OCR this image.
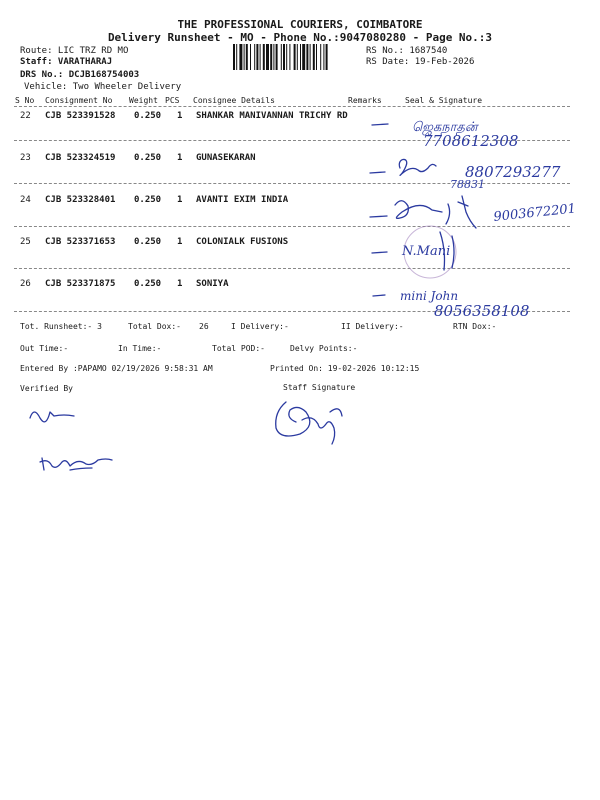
THE PROFESSIONAL COURIERS, COIMBATORE
Delivery Runsheet - MO - Phone No.:9047080280 - Page No.:3
Route: LIC TRZ RD MO
Staff: VARATHARAJ
DRS No.: DCJB168754003
Vehicle: Two Wheeler Delivery
RS No.: 1687540
RS Date: 19-Feb-2026
S No Consignment No Weight PCS Consignee Details	Remarks	Seal & Signature
22 CJB 523391528 0.250 1 SHANKAR MANIVANNAN TRICHY RD
23 CJB 523324519 0.250 1 GUNASEKARAN
24 CJB 523328401 0.250 1 AVANTI EXIM INDIA
25 CJB 523371653 0.250 1 COLONIALK FUSIONS
26 CJB 523371875 0.250 1 SONIYA
Tot. Runsheet:- 3	Total Dox:- 26	I Delivery:-	II Delivery:-	RTN Dox:-
Out Time:-	In Time:-	Total POD:-	Delvy Points:-
Entered By :PAPAMO 02/19/2026 9:58:31 AM	Printed On: 19-02-2026 10:12:15
Verified By	Staff Signature
ஜெகநாதன்
7708612308
8807293277
78831
9003672201
N.Mani
mini John
8056358108
